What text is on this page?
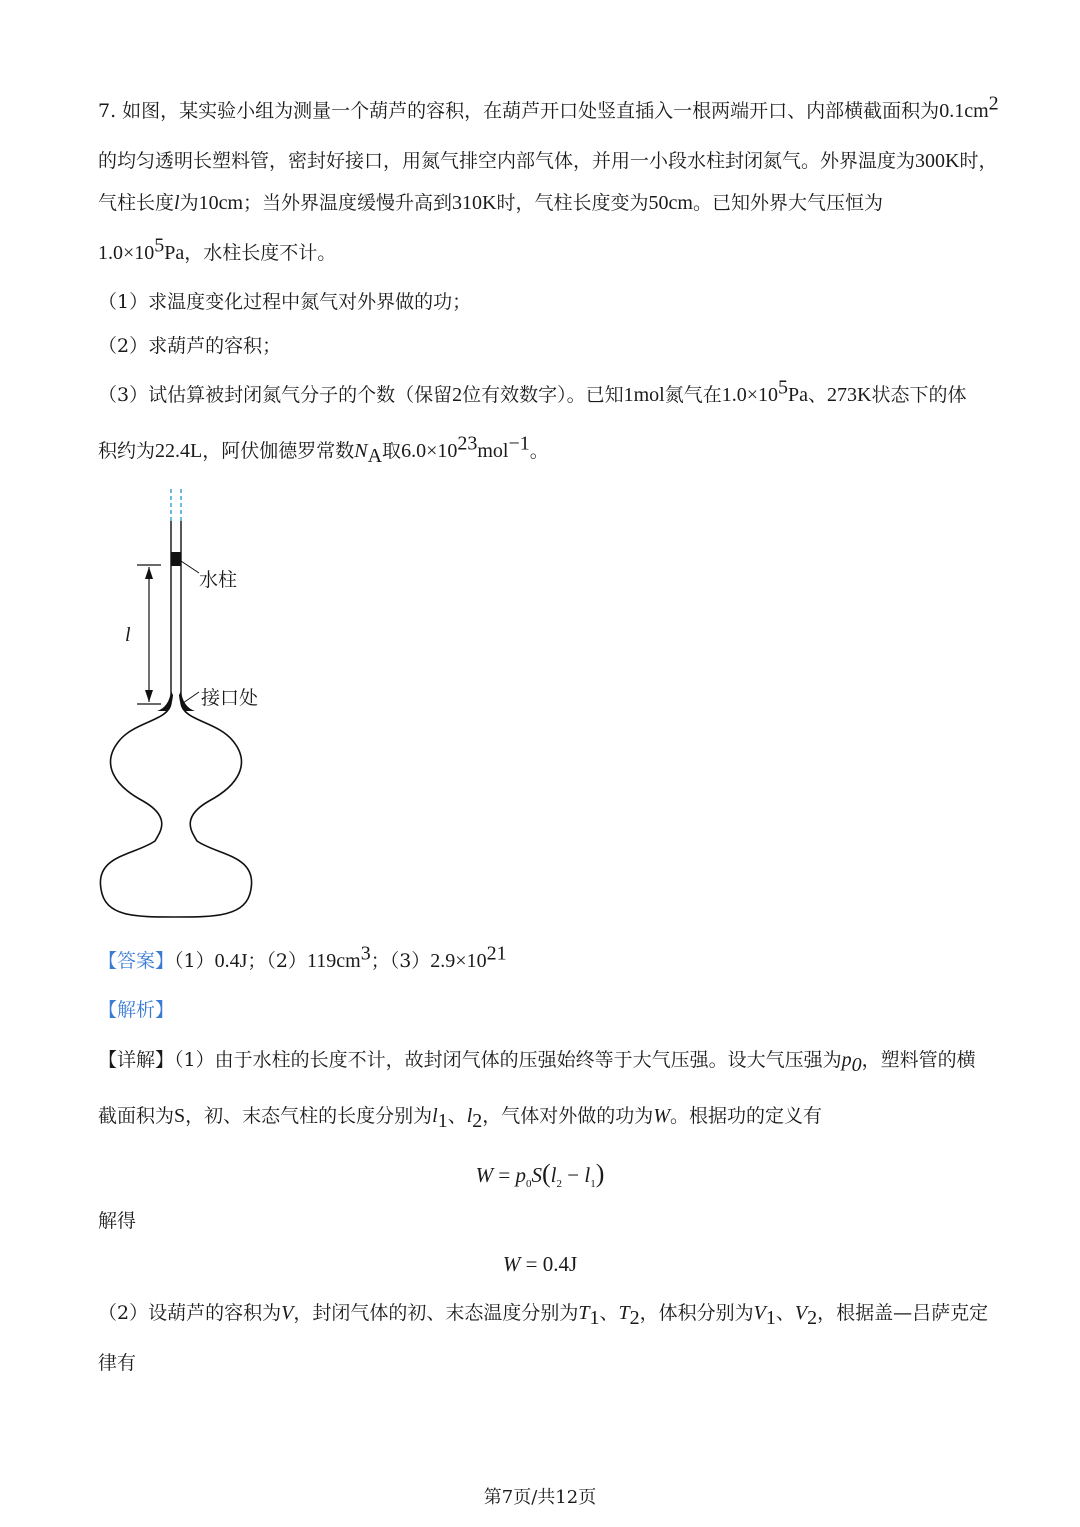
7. 如图，某实验小组为测量一个葫芦的容积，在葫芦开口处竖直插入一根两端开口、内部横截面积为$0.1cm^2$
的均匀透明长塑料管，密封好接口，用氮气排空内部气体，并用一小段水柱封闭氮气。外界温度为300K时，
气柱长度l为10cm；当外界温度缓慢升高到310K时，气柱长度变为50cm。已知外界大气压恒为
$1.0\times 10^5Pa$，水柱长度不计。
（1）求温度变化过程中氮气对外界做的功；
（2）求葫芦的容积；
（3）试估算被封闭氮气分子的个数（保留2位有效数字）。已知1mol氮气在$1.0\times 10^5Pa$、273K状态下的体
积约为22.4L，阿伏伽德罗常数$N_A$取$6.0\times 10^{23}mol^{-1}$。
水柱
l
接口处
【答案】（1）0.4J；$(2)119cm^3$；$(3)2.9\times 10^{21}$
【解析】
【详解】（1）由于水柱的长度不计，故封闭气体的压强始终等于大气压强。设大气压强为$p_0$，塑料管的横
截面积为S，初、末态气柱的长度分别为$l_1$、$l_2$，气体对外做的功为W。根据功的定义有
$W = p_0S(l_2 - l_1)$
解得
W = 0.4J
（2）设葫芦的容积为V，封闭气体的初、末态温度分别为$T_1$、$T_2$，体积分别为$V_1$、$V_2$，根据盖—吕萨克定
律有
第7页/共12页
